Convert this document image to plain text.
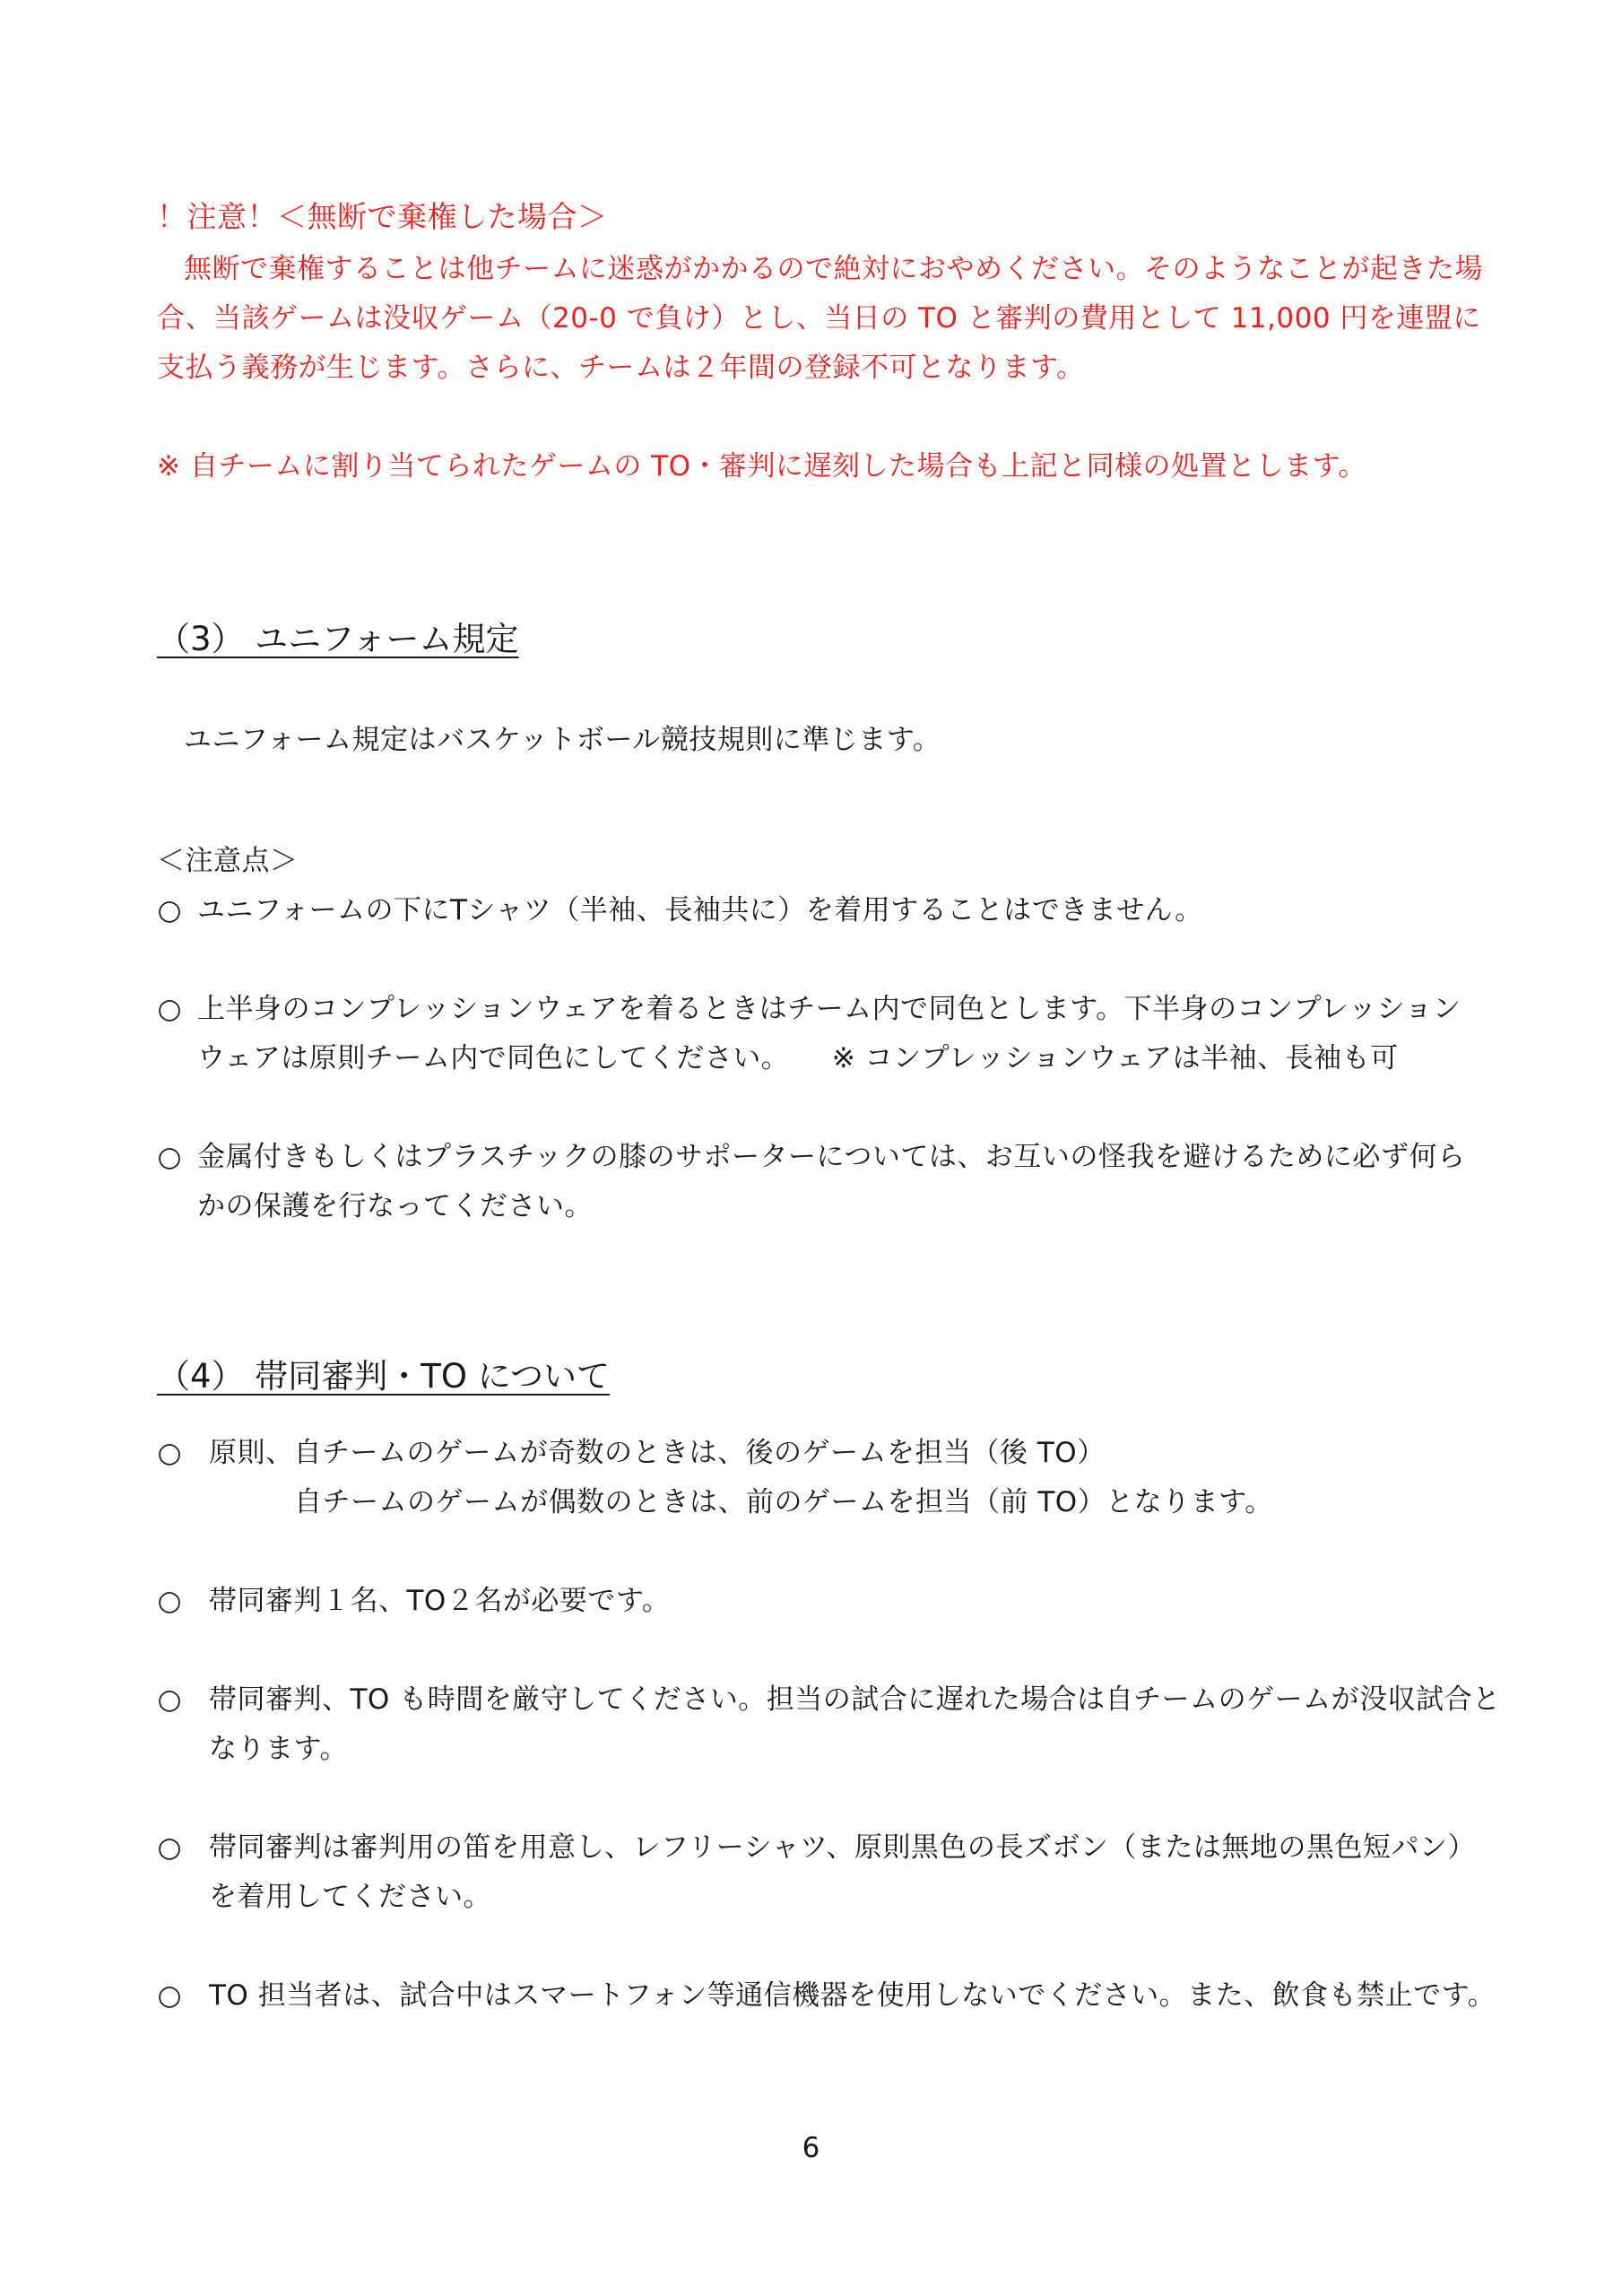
！注意！＜無断で棄権した場合＞
無断で棄権することは他チームに迷惑がかかるので絶対におやめください。そのようなことが起きた場
合、当該ゲームは没収ゲーム（20-0 で負け）とし、当日の TO と審判の費用として 11,000 円を連盟に
支払う義務が生じます。さらに、チームは２年間の登録不可となります。
※ 自チームに割り当てられたゲームの TO・審判に遅刻した場合も上記と同様の処置とします。
（3） ユニフォーム規定
ユニフォーム規定はバスケットボール競技規則に準じます。
＜注意点＞
○ ユニフォームの下にTシャツ（半袖、長袖共に）を着用することはできません。
○ 上半身のコンプレッションウェアを着るときはチーム内で同色とします。下半身のコンプレッション
ウェアは原則チーム内で同色にしてください。　　※ コンプレッションウェアは半袖、長袖も可
○ 金属付きもしくはプラスチックの膝のサポーターについては、お互いの怪我を避けるために必ず何ら
かの保護を行なってください。
（4） 帯同審判・TO について
○ 原則、自チームのゲームが奇数のときは、後のゲームを担当（後 TO）
自チームのゲームが偶数のときは、前のゲームを担当（前 TO）となります。
○ 帯同審判１名、TO２名が必要です。
○ 帯同審判、TO も時間を厳守してください。担当の試合に遅れた場合は自チームのゲームが没収試合と
なります。
○ 帯同審判は審判用の笛を用意し、レフリーシャツ、原則黒色の長ズボン（または無地の黒色短パン）
を着用してください。
○ TO 担当者は、試合中はスマートフォン等通信機器を使用しないでください。また、飲食も禁止です。
6
